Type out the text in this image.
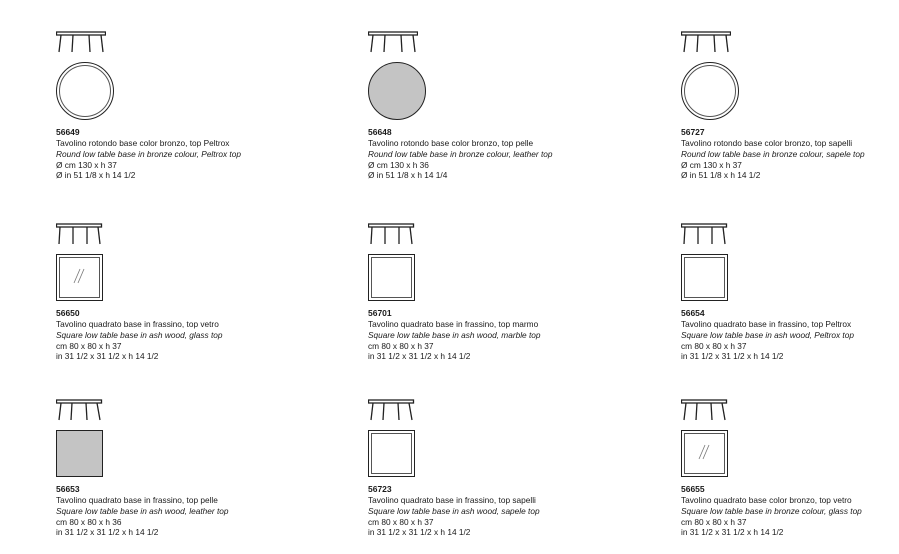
56649
Tavolino rotondo base color bronzo, top Peltrox
Round low table base in bronze colour, Peltrox top
Ø cm 130 x h 37
Ø in 51 1/8 x h 14 1/2
56648
Tavolino rotondo base color bronzo, top pelle
Round low table base in bronze colour, leather top
Ø cm 130 x h 36
Ø in 51 1/8 x h 14 1/4
56727
Tavolino rotondo base color bronzo, top sapelli
Round low table base in bronze colour, sapele top
Ø cm 130 x h 37
Ø in 51 1/8 x h 14 1/2
56650
Tavolino quadrato base in frassino, top vetro
Square low table base in ash wood, glass top
cm 80 x 80 x h 37
in 31 1/2 x 31 1/2 x h 14 1/2
56701
Tavolino quadrato base in frassino, top marmo
Square low table base in ash wood, marble top
cm 80 x 80 x h 37
in 31 1/2 x 31 1/2 x h 14 1/2
56654
Tavolino quadrato base in frassino, top Peltrox
Square low table base in ash wood, Peltrox top
cm 80 x 80 x h 37
in 31 1/2 x 31 1/2 x h 14 1/2
56653
Tavolino quadrato base in frassino, top pelle
Square low table base in ash wood, leather top
cm 80 x 80 x h 36
in 31 1/2 x 31 1/2 x h 14 1/2
56723
Tavolino quadrato base in frassino, top sapelli
Square low table base in ash wood, sapele top
cm 80 x 80 x h 37
in 31 1/2 x 31 1/2 x h 14 1/2
56655
Tavolino quadrato base color bronzo, top vetro
Square low table base in bronze colour, glass top
cm 80 x 80 x h 37
in 31 1/2 x 31 1/2 x h 14 1/2
